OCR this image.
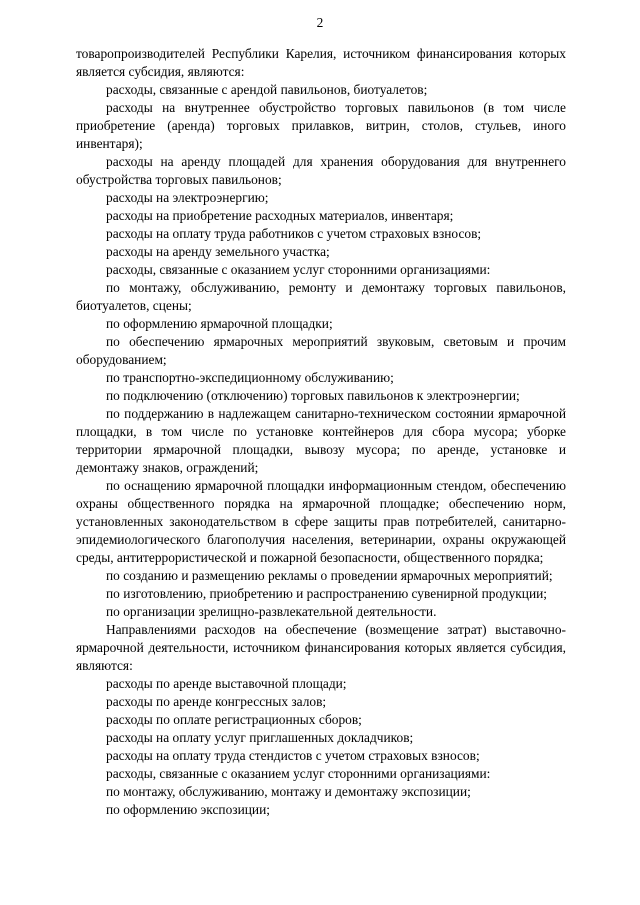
2

товаропроизводителей Республики Карелия, источником финансирования которых является субсидия, являются:

расходы, связанные с арендой павильонов, биотуалетов;

расходы на внутреннее обустройство торговых павильонов (в том числе приобретение (аренда) торговых прилавков, витрин, столов, стульев, иного инвентаря);

расходы на аренду площадей для хранения оборудования для внутреннего обустройства торговых павильонов;

расходы на электроэнергию;

расходы на приобретение расходных материалов, инвентаря;

расходы на оплату труда работников с учетом страховых взносов;

расходы на аренду земельного участка;

расходы, связанные с оказанием услуг сторонними организациями:

по монтажу, обслуживанию, ремонту и демонтажу торговых павильонов, биотуалетов, сцены;

по оформлению ярмарочной площадки;

по обеспечению ярмарочных мероприятий звуковым, световым и прочим оборудованием;

по транспортно-экспедиционному обслуживанию;

по подключению (отключению) торговых павильонов к электроэнергии;

по поддержанию в надлежащем санитарно-техническом состоянии ярмарочной площадки, в том числе по установке контейнеров для сбора мусора; уборке территории ярмарочной площадки, вывозу мусора; по аренде, установке и демонтажу знаков, ограждений;

по оснащению ярмарочной площадки информационным стендом, обеспечению охраны общественного порядка на ярмарочной площадке; обеспечению норм, установленных законодательством в сфере защиты прав потребителей, санитарно-эпидемиологического благополучия населения, ветеринарии, охраны окружающей среды, антитеррористической и пожарной безопасности, общественного порядка;

по созданию и размещению рекламы о проведении ярмарочных мероприятий;

по изготовлению, приобретению и распространению сувенирной продукции;

по организации зрелищно-развлекательной деятельности.

Направлениями расходов на обеспечение (возмещение затрат) выставочно-ярмарочной деятельности, источником финансирования которых является субсидия, являются:

расходы по аренде выставочной площади;

расходы по аренде конгрессных залов;

расходы по оплате регистрационных сборов;

расходы на оплату услуг приглашенных докладчиков;

расходы на оплату труда стендистов с учетом страховых взносов;

расходы, связанные с оказанием услуг сторонними организациями:

по монтажу, обслуживанию, монтажу и демонтажу экспозиции;

по оформлению экспозиции;
